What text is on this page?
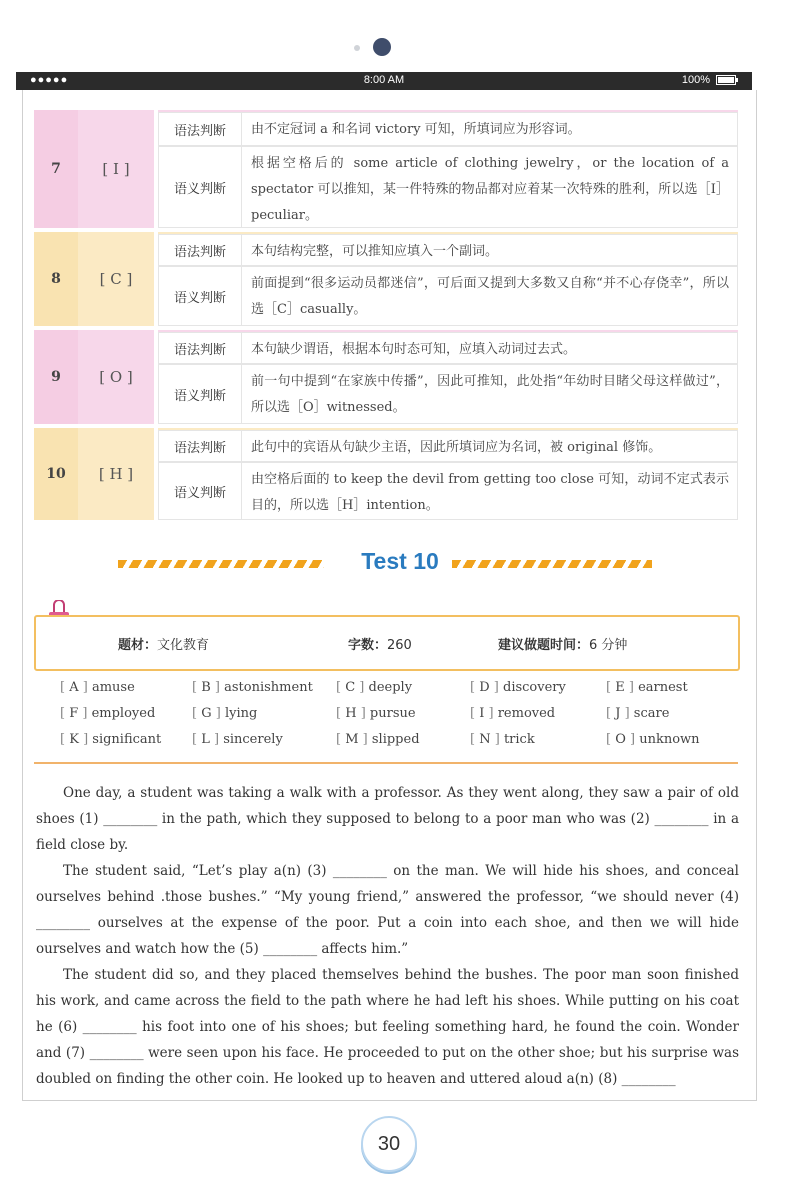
●●●●●	8:00 AM	100%
7	[ I ]
语法判断	由不定冠词 a 和名词 victory 可知，所填词应为形容词。
语义判断
根据空格后的 some article of clothing jewelry，or the location of a spectator 可以推知，某一件特殊的物品都对应着某一次特殊的胜利，所以选［I］peculiar。
8	[ C ]
语法判断	本句结构完整，可以推知应填入一个副词。
语义判断
前面提到“很多运动员都迷信”，可后面又提到大多数又自称“并不心存侥幸”，所以选［C］casually。
9	[ O ]
语法判断	本句缺少谓语，根据本句时态可知，应填入动词过去式。
语义判断
前一句中提到“在家族中传播”，因此可推知，此处指“年幼时目睹父母这样做过”，所以选［O］witnessed。
10	[ H ]
语法判断	此句中的宾语从句缺少主语，因此所填词应为名词，被 original 修饰。
语义判断
由空格后面的 to keep the devil from getting too close 可知，动词不定式表示目的，所以选［H］intention。
Test 10
题材：文化教育	字数：260	建议做题时间：6 分钟
[ A ] amuse	[ B ] astonishment [ C ] deeply	[ D ] discovery	[ E ] earnest
[ F ] employed	[ G ] lying	[ H ] pursue	[ I ] removed	[ J ] scare
[ K ] significant [ L ] sincerely	[ M ] slipped	[ N ] trick	[ O ] unknown

One day, a student was taking a walk with a professor. As they went along, they saw a pair of old shoes (1) ________ in the path, which they supposed to belong to a poor man who was (2) ________ in a field close by.

The student said, “Let’s play a(n) (3) ________ on the man. We will hide his shoes, and conceal ourselves behind .those bushes.” “My young friend,” answered the professor, “we should never (4) ________ ourselves at the expense of the poor. Put a coin into each shoe, and then we will hide ourselves and watch how the (5) ________ affects him.”

The student did so, and they placed themselves behind the bushes. The poor man soon finished his work, and came across the field to the path where he had left his shoes. While putting on his coat he (6) ________ his foot into one of his shoes; but feeling something hard, he found the coin. Wonder and (7) ________ were seen upon his face. He proceeded to put on the other shoe; but his surprise was doubled on finding the other coin. He looked up to heaven and uttered aloud a(n) (8) ________

30
